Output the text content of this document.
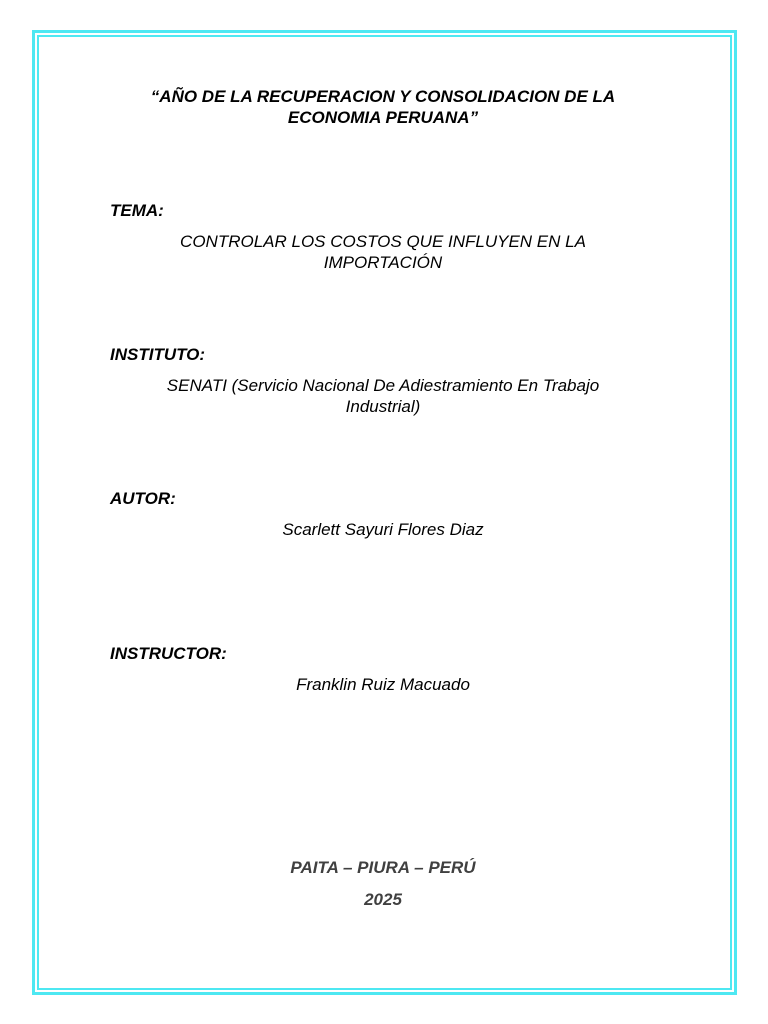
“AÑO DE LA RECUPERACION Y CONSOLIDACION DE LA
ECONOMIA PERUANA”
TEMA:
CONTROLAR LOS COSTOS QUE INFLUYEN EN LA
IMPORTACIÓN
INSTITUTO:
SENATI (Servicio Nacional De Adiestramiento En Trabajo
Industrial)
AUTOR:
Scarlett Sayuri Flores Diaz
INSTRUCTOR:
Franklin Ruiz Macuado
PAITA – PIURA – PERÚ
2025
